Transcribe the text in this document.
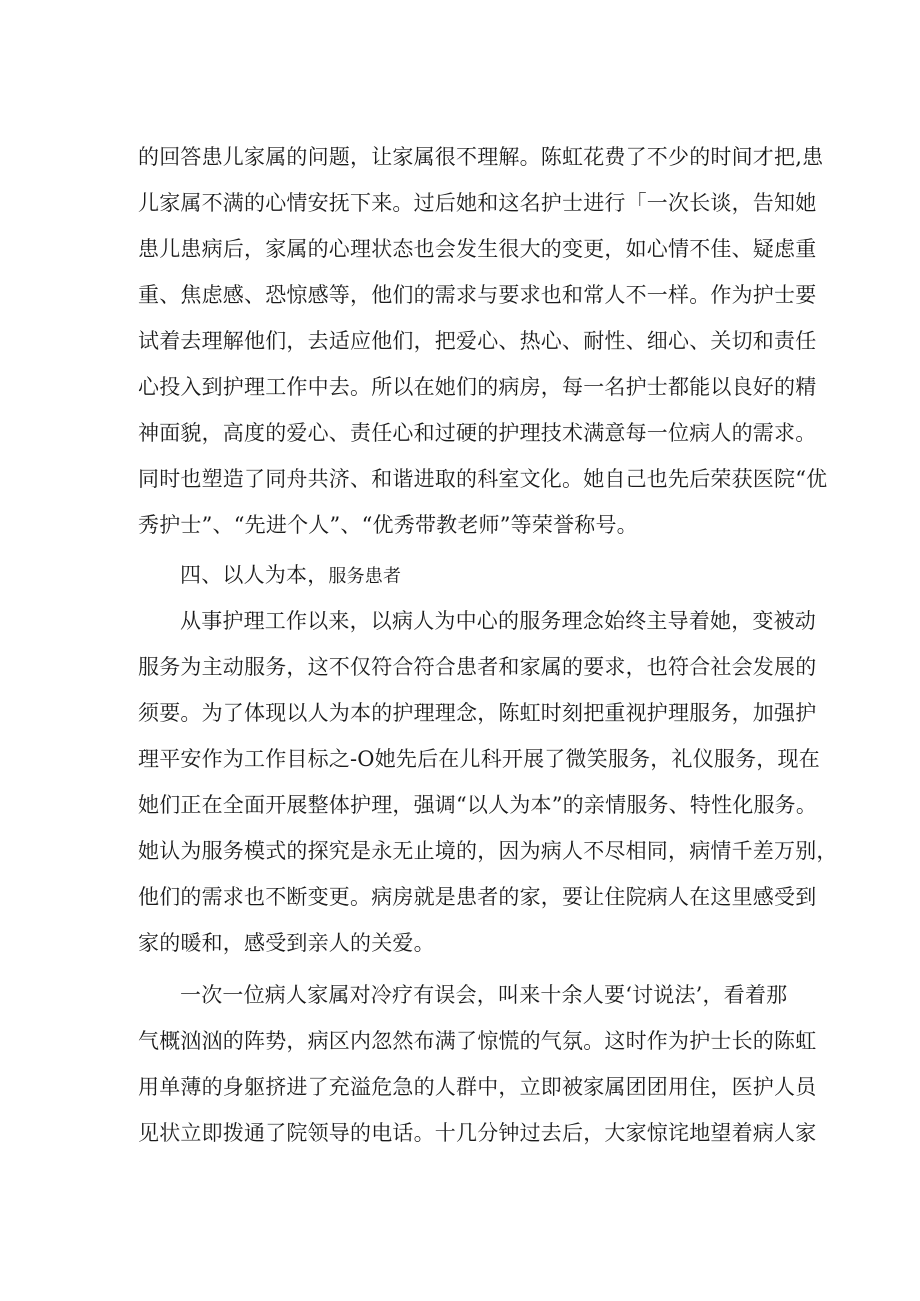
的回答患儿家属的问题，让家属很不理解。陈虹花费了不少的时间才把,患
儿家属不满的心情安抚下来。过后她和这名护士进行「一次长谈，告知她
患儿患病后，家属的心理状态也会发生很大的变更，如心情不佳、疑虑重
重、焦虑感、恐惊感等，他们的需求与要求也和常人不一样。作为护士要
试着去理解他们，去适应他们，把爱心、热心、耐性、细心、关切和责任
心投入到护理工作中去。所以在她们的病房，每一名护士都能以良好的精
神面貌，高度的爱心、责任心和过硬的护理技术满意每一位病人的需求。
同时也塑造了同舟共济、和谐进取的科室文化。她自己也先后荣获医院“优
秀护士”、“先进个人”、“优秀带教老师”等荣誉称号。
四、以人为本，服务患者
从事护理工作以来，以病人为中心的服务理念始终主导着她，变被动
服务为主动服务，这不仅符合符合患者和家属的要求，也符合社会发展的
须要。为了体现以人为本的护理理念，陈虹时刻把重视护理服务，加强护
理平安作为工作目标之-O她先后在儿科开展了微笑服务，礼仪服务，现在
她们正在全面开展整体护理，强调“以人为本”的亲情服务、特性化服务。
她认为服务模式的探究是永无止境的，因为病人不尽相同，病情千差万别，
他们的需求也不断变更。病房就是患者的家，要让住院病人在这里感受到
家的暖和，感受到亲人的关爱。
一次一位病人家属对冷疗有误会，叫来十余人要‘讨说法’，看着那
气概汹汹的阵势，病区内忽然布满了惊慌的气氛。这时作为护士长的陈虹
用单薄的身躯挤进了充溢危急的人群中，立即被家属团团用住，医护人员
见状立即拨通了院领导的电话。十几分钟过去后，大家惊诧地望着病人家
